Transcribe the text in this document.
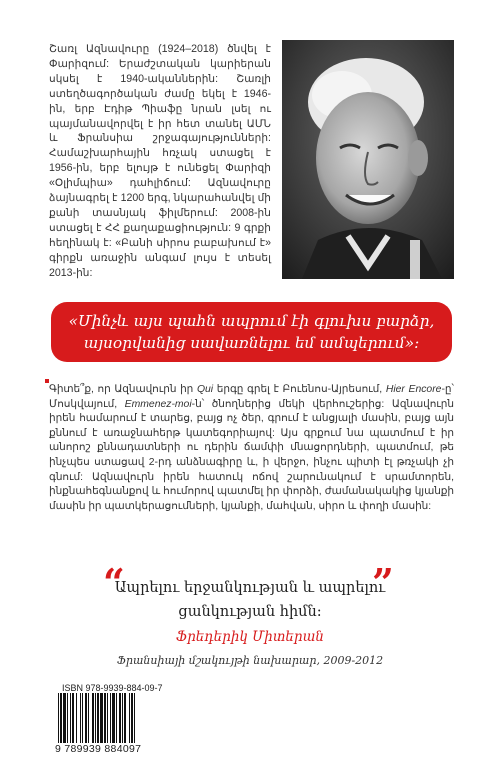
Շառլ Ազնավուրը (1924–2018) ծնվել է Փարիզում: Երաժշտական կարիերան սկսել է 1940-ականներին: Շառլի ստեղծագործական ժամը եկել է 1946-ին, երբ Էդիթ Պիաֆը նրան լսել ու պայմանավորվել է իր հետ տանել ԱՄՆ և Ֆրանսիա շրջագայությունների: Համաշխարհային հռչակ ստացել է 1956-ին, երբ ելույթ է ունեցել Փարիզի «Օլիմպիա» դահլիճում: Ազնավուրը ձայնագրել է 1200 երգ, նկարահանվել մի քանի տասնյակ ֆիլմերում: 2008-ին ստացել է ՀՀ քաղաքացիություն: 9 գրքի հեղինակ է: «Բանի սիրոս բաբախում է» գիրքն առաջին անգամ լույս է տեսել 2013-ին:
«Մինչև այս պահն ապրում էի գլուխս բարձր,
այսօրվանից սավառնելու եմ ամպերում»:
Գիտե՞ք, որ Ազնավուրն իր Qui երգը գրել է Բուենոս-Այրեսում, Hier Encore-ը՝ Մոսկվայում, Emmenez-moi-ն՝ ծնողներից մեկի վերհուշերից: Ազնավուրն իրեն համարում է տարեց, բայց ոչ ծեր, գրում է անցյալի մասին, բայց այն քննում է առաջնահերթ կատեգորիայով: Այս գրքում նա պատմում է իր անորոշ քննադատների ու դերին ճամփի մնացորդների, պատմում, թե ինչպես ստացավ 2-րդ անձնագիրը և, ի վերջո, ինչու պիտի էլ թռչակի չի գնում: Ազնավուրն իրեն հատուկ ոճով շարունակում է սրամտորեն, ինքնահեգնանքով և հումորով պատմել իր փորձի, ժամանակակից կյանքի մասին իր պատկերացումների, կյանքի, մահվան, սիրո և փողի մասին:
“	”
Ապրելու երջանկության և ապրելու
ցանկության հիմն:
Ֆրեդերիկ Միտերան
Ֆրանսիայի մշակույթի նախարար, 2009-2012
ISBN 978-9939-884-09-7
9 789939 884097
